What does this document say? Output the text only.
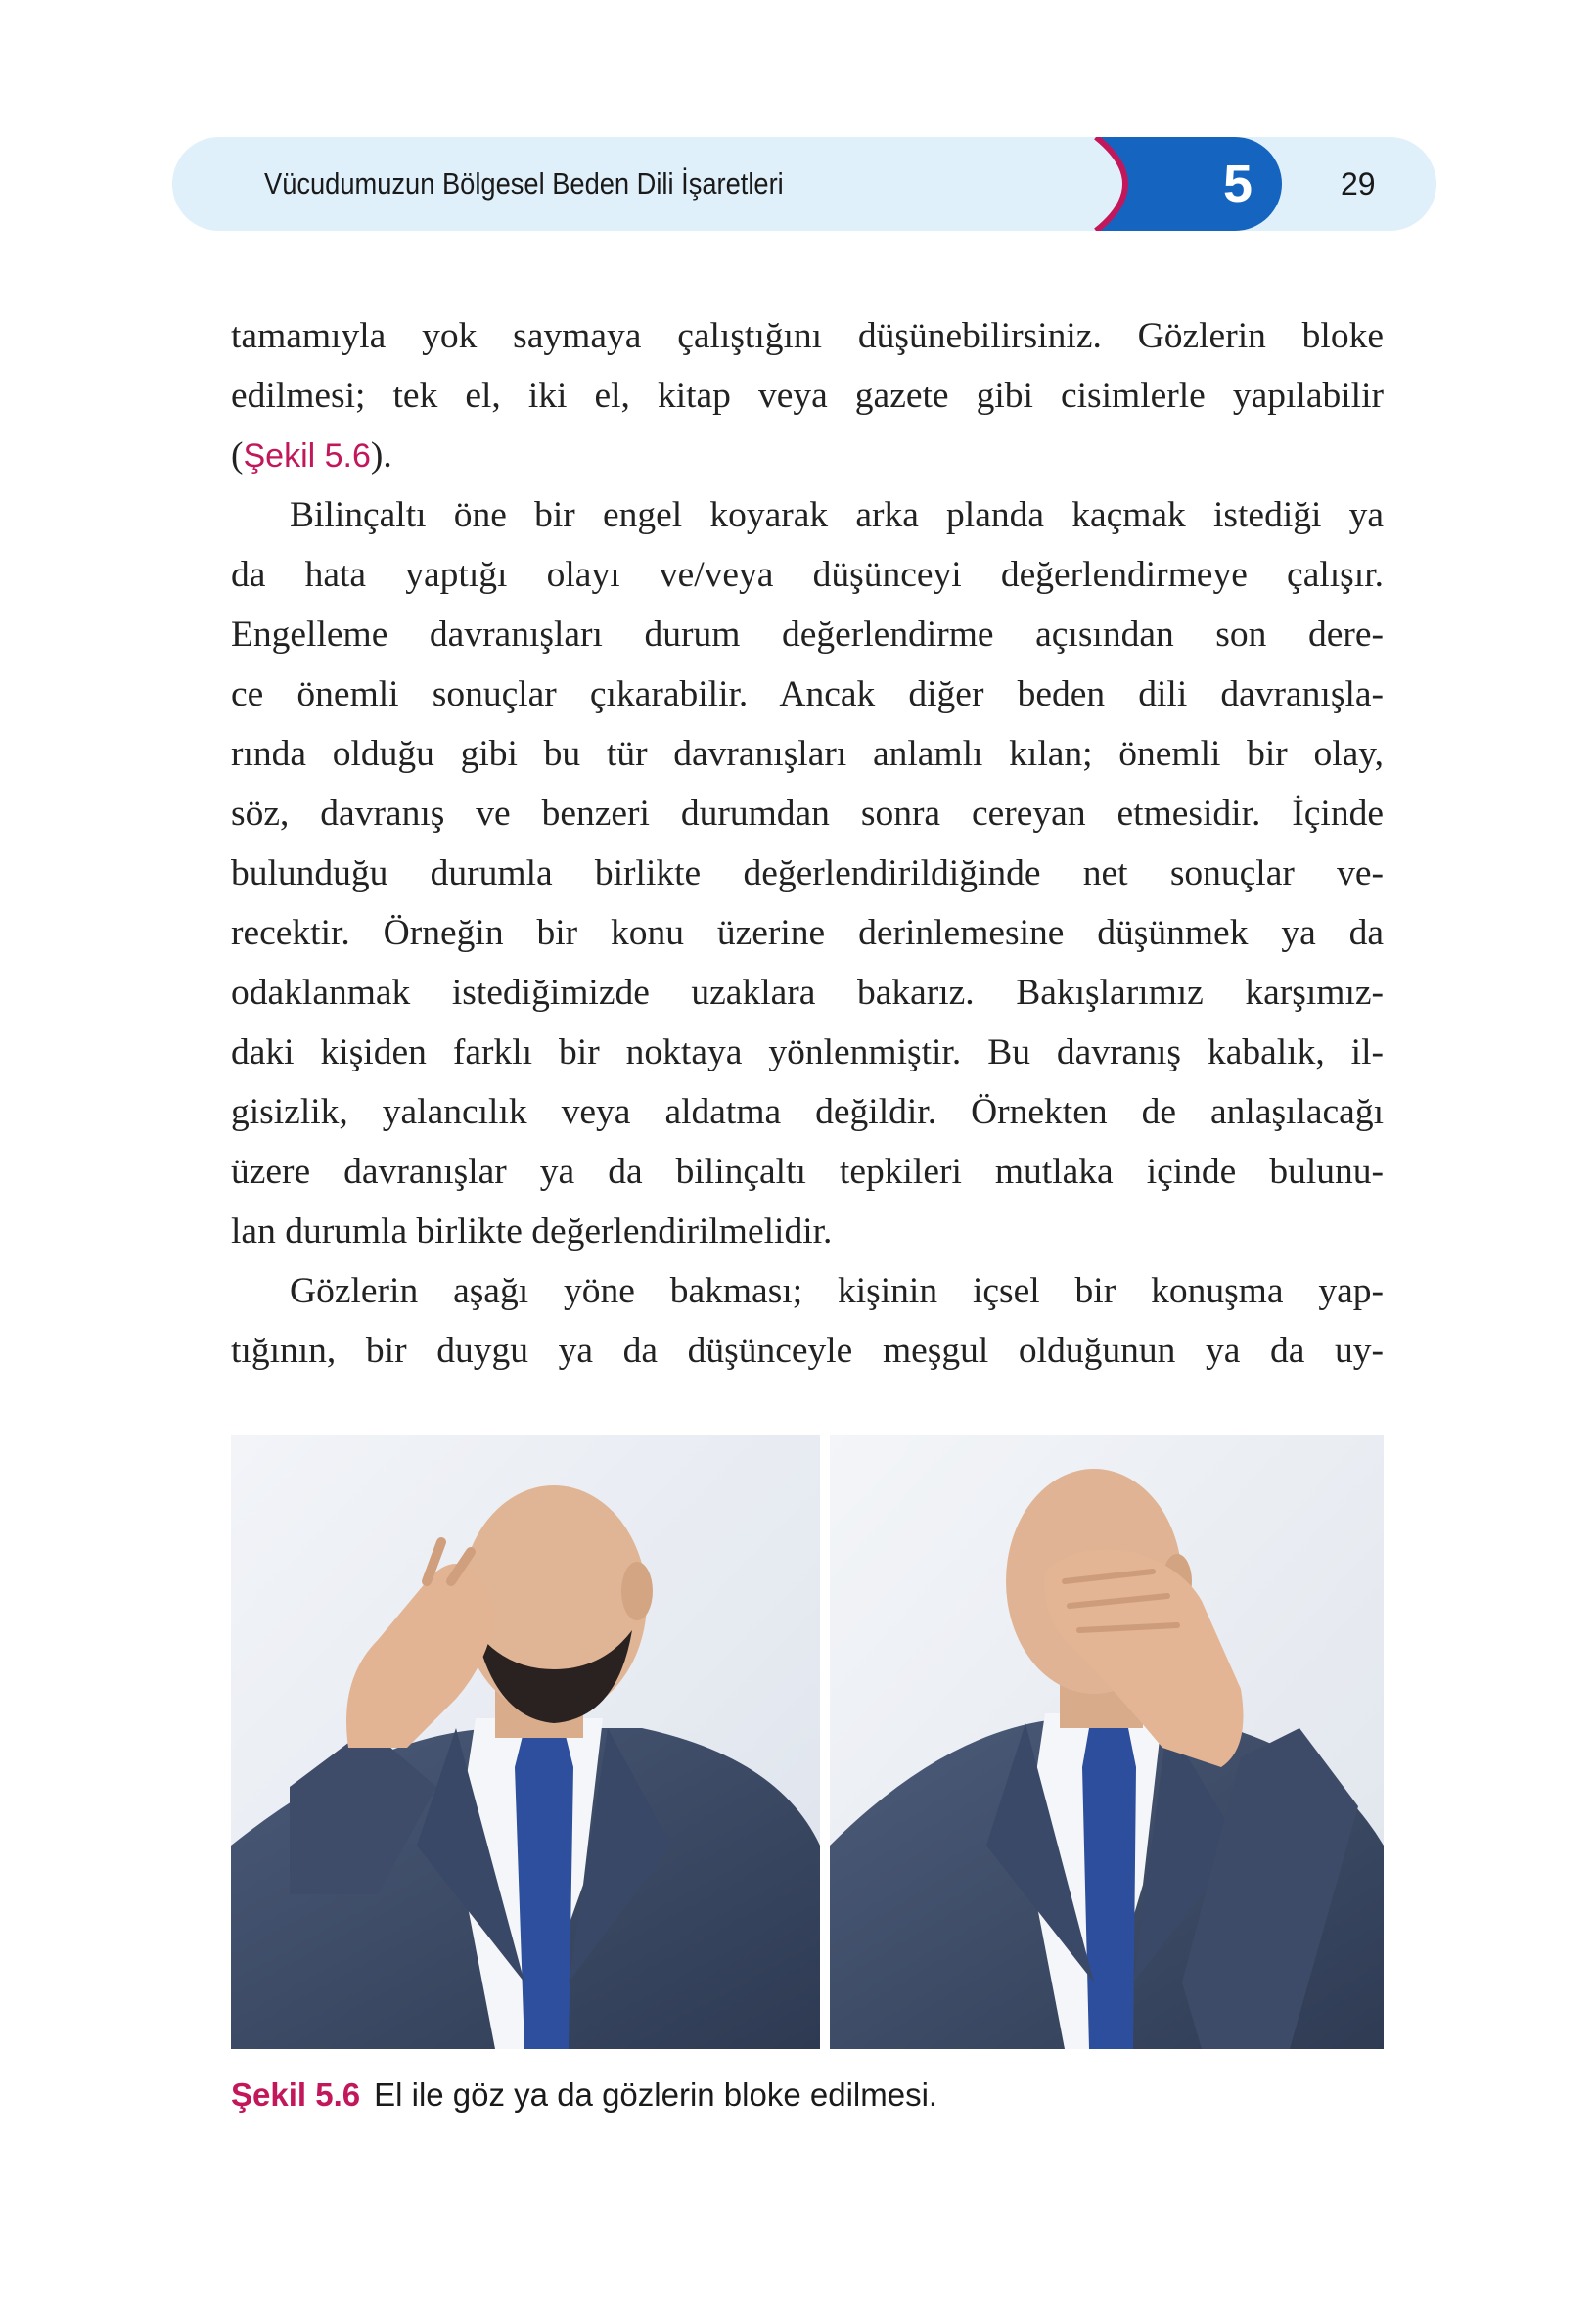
Vücudumuzun Bölgesel Beden Dili İşaretleri	5	29
tamamıyla yok saymaya çalıştığını düşünebilirsiniz. Gözlerin bloke
edilmesi; tek el, iki el, kitap veya gazete gibi cisimlerle yapılabilir
(Şekil 5.6).
Bilinçaltı öne bir engel koyarak arka planda kaçmak istediği ya
da hata yaptığı olayı ve/veya düşünceyi değerlendirmeye çalışır.
Engelleme davranışları durum değerlendirme açısından son dere-
ce önemli sonuçlar çıkarabilir. Ancak diğer beden dili davranışla-
rında olduğu gibi bu tür davranışları anlamlı kılan; önemli bir olay,
söz, davranış ve benzeri durumdan sonra cereyan etmesidir. İçinde
bulunduğu durumla birlikte değerlendirildiğinde net sonuçlar ve-
recektir. Örneğin bir konu üzerine derinlemesine düşünmek ya da
odaklanmak istediğimizde uzaklara bakarız. Bakışlarımız karşımız-
daki kişiden farklı bir noktaya yönlenmiştir. Bu davranış kabalık, il-
gisizlik, yalancılık veya aldatma değildir. Örnekten de anlaşılacağı
üzere davranışlar ya da bilinçaltı tepkileri mutlaka içinde bulunu-
lan durumla birlikte değerlendirilmelidir.
Gözlerin aşağı yöne bakması; kişinin içsel bir konuşma yap-
tığının, bir duygu ya da düşünceyle meşgul olduğunun ya da uy-
Şekil 5.6 El ile göz ya da gözlerin bloke edilmesi.
